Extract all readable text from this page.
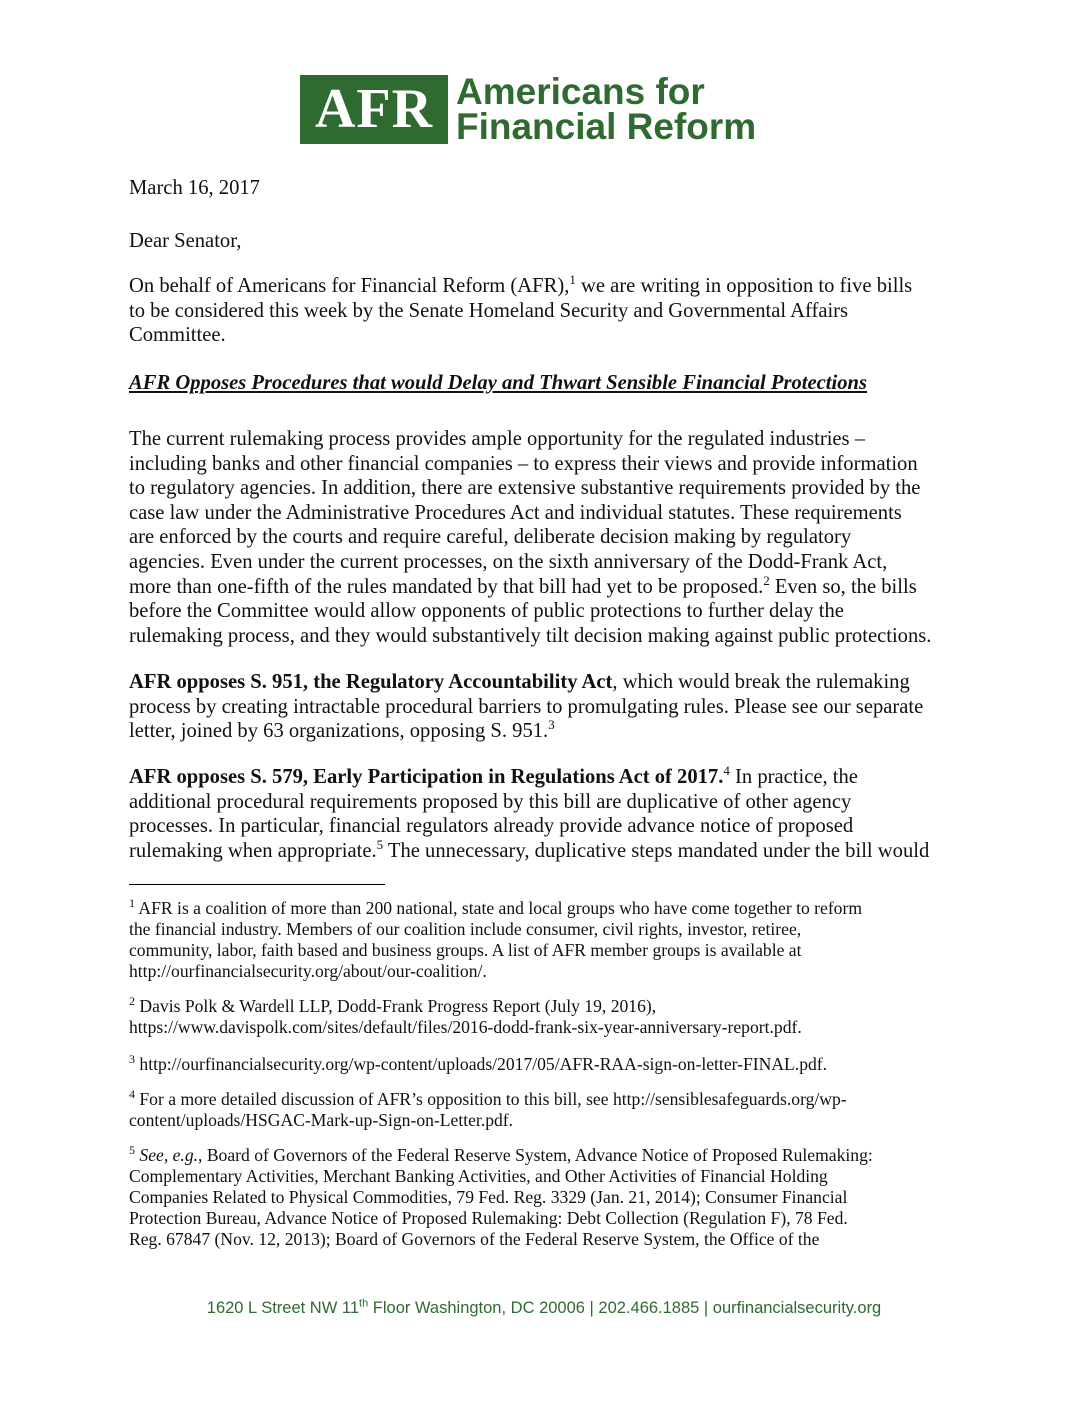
AFR Americans for
Financial Reform
March 16, 2017
Dear Senator,
On behalf of Americans for Financial Reform (AFR),$^1$ we are writing in opposition to five bills
to be considered this week by the Senate Homeland Security and Governmental Affairs
Committee.
AFR Opposes Procedures that would Delay and Thwart Sensible Financial Protections
The current rulemaking process provides ample opportunity for the regulated industries –
including banks and other financial companies – to express their views and provide information
to regulatory agencies. In addition, there are extensive substantive requirements provided by the
case law under the Administrative Procedures Act and individual statutes. These requirements
are enforced by the courts and require careful, deliberate decision making by regulatory
agencies. Even under the current processes, on the sixth anniversary of the Dodd-Frank Act,
more than one-fifth of the rules mandated by that bill had yet to be proposed.$^2$ Even so, the bills
before the Committee would allow opponents of public protections to further delay the
rulemaking process, and they would substantively tilt decision making against public protections.
AFR opposes S. 951, the Regulatory Accountability Act, which would break the rulemaking
process by creating intractable procedural barriers to promulgating rules. Please see our separate
letter, joined by 63 organizations, opposing S. 951.$^3$
AFR opposes S. 579, Early Participation in Regulations Act of 2017.$^4$ In practice, the
additional procedural requirements proposed by this bill are duplicative of other agency
processes. In particular, financial regulators already provide advance notice of proposed
rulemaking when appropriate.$^5$ The unnecessary, duplicative steps mandated under the bill would
$^1$ AFR is a coalition of more than 200 national, state and local groups who have come together to reform
the financial industry. Members of our coalition include consumer, civil rights, investor, retiree,
community, labor, faith based and business groups. A list of AFR member groups is available at
http://ourfinancialsecurity.org/about/our-coalition/.
$^2$ Davis Polk & Wardell LLP, Dodd-Frank Progress Report (July 19, 2016),
https://www.davispolk.com/sites/default/files/2016-dodd-frank-six-year-anniversary-report.pdf.
$^3$ http://ourfinancialsecurity.org/wp-content/uploads/2017/05/AFR-RAA-sign-on-letter-FINAL.pdf.
$^4$ For a more detailed discussion of AFR’s opposition to this bill, see http://sensiblesafeguards.org/wp-
content/uploads/HSGAC-Mark-up-Sign-on-Letter.pdf.
$^5$ See, e.g., Board of Governors of the Federal Reserve System, Advance Notice of Proposed Rulemaking:
Complementary Activities, Merchant Banking Activities, and Other Activities of Financial Holding
Companies Related to Physical Commodities, 79 Fed. Reg. 3329 (Jan. 21, 2014); Consumer Financial
Protection Bureau, Advance Notice of Proposed Rulemaking: Debt Collection (Regulation F), 78 Fed.
Reg. 67847 (Nov. 12, 2013); Board of Governors of the Federal Reserve System, the Office of the
1620 L Street NW 11th Floor Washington, DC 20006 | 202.466.1885 | ourfinancialsecurity.org
